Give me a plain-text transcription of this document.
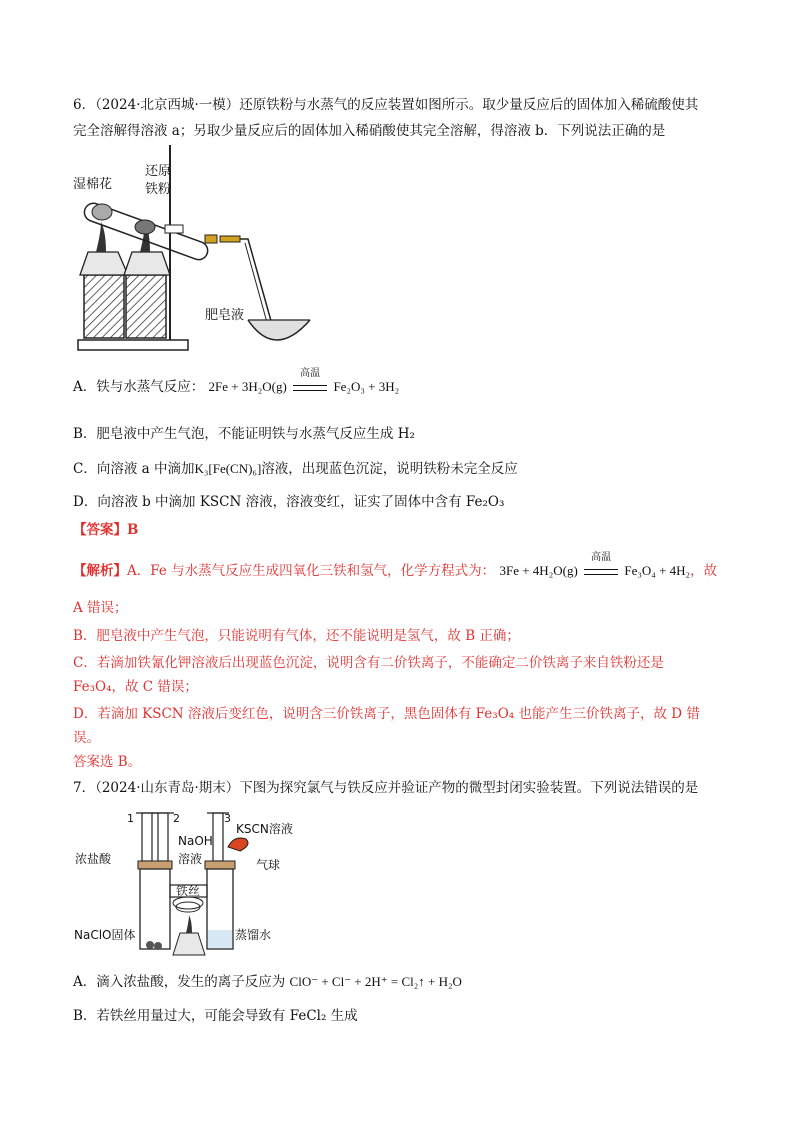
6．（2024·北京西城·一模）还原铁粉与水蒸气的反应装置如图所示。取少量反应后的固体加入稀硫酸使其
完全溶解得溶液 a；另取少量反应后的固体加入稀硝酸使其完全溶解，得溶液 b．下列说法正确的是
湿棉花
还原
铁粉
肥皂液
A．铁与水蒸气反应： 2Fe + 3H₂O(g)
高温
Fe₂O₃ + 3H₂
B．肥皂液中产生气泡，不能证明铁与水蒸气反应生成 H₂
C．向溶液 a 中滴加K₃[Fe(CN)₆]溶液，出现蓝色沉淀，说明铁粉未完全反应
D．向溶液 b 中滴加 KSCN 溶液，溶液变红，证实了固体中含有 Fe₂O₃
【答案】B
【解析】A．Fe 与水蒸气反应生成四氧化三铁和氢气，化学方程式为： 3Fe + 4H₂O(g)
高温
Fe₃O₄ + 4H₂，故
A 错误；
B．肥皂液中产生气泡，只能说明有气体，还不能说明是氢气，故 B 正确；
C．若滴加铁氰化钾溶液后出现蓝色沉淀，说明含有二价铁离子，不能确定二价铁离子来自铁粉还是
Fe₃O₄，故 C 错误；
D．若滴加 KSCN 溶液后变红色，说明含三价铁离子，黑色固体有 Fe₃O₄ 也能产生三价铁离子，故 D 错
误。
答案选 B。
7．（2024·山东青岛·期末）下图为探究氯气与铁反应并验证产物的微型封闭实验装置。下列说法错误的是
1	2	3
浓盐酸
NaOH
溶液
KSCN溶液
气球
铁丝
NaClO固体	蒸馏水
A．滴入浓盐酸，发生的离子反应为 ClO⁻ + Cl⁻ + 2H⁺ = Cl₂↑ + H₂O
B．若铁丝用量过大，可能会导致有 FeCl₂ 生成
